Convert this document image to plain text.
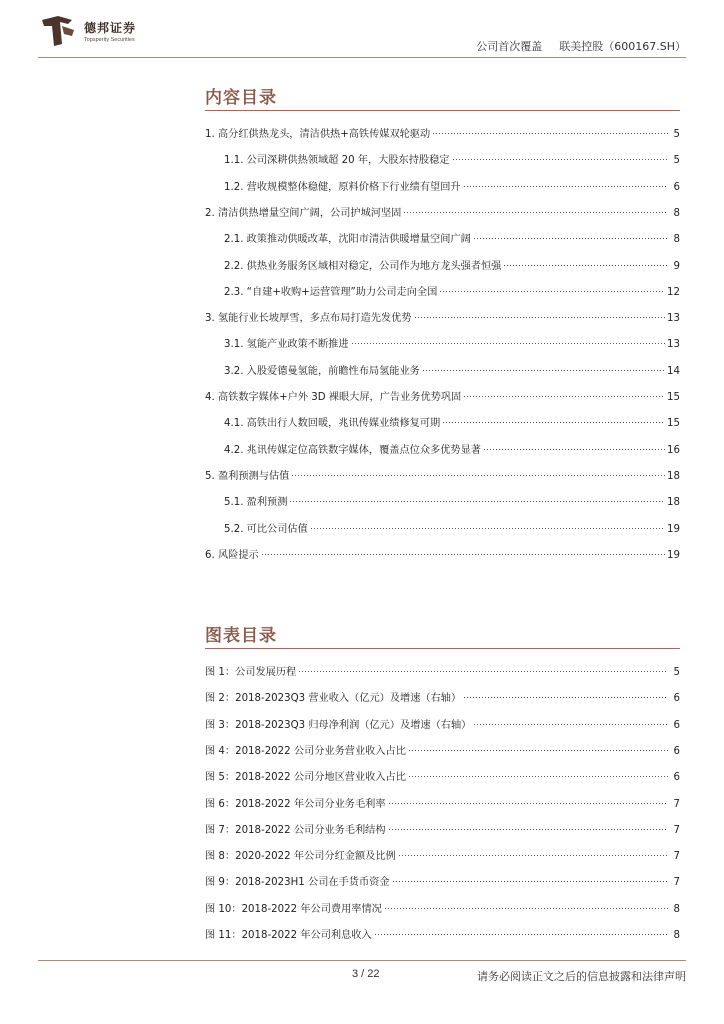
德邦证券
Topsperity Securities	公司首次覆盖 联美控股（600167.SH）
内容目录
1. 高分红供热龙头，清洁供热+高铁传媒双轮驱动	5
1.1. 公司深耕供热领域超 20 年，大股东持股稳定	5
1.2. 营收规模整体稳健，原料价格下行业绩有望回升	6
2. 清洁供热增量空间广阔，公司护城河坚固	8
2.1. 政策推动供暖改革，沈阳市清洁供暖增量空间广阔	8
2.2. 供热业务服务区域相对稳定，公司作为地方龙头强者恒强	9
2.3. “自建+收购+运营管理”助力公司走向全国	12
3. 氢能行业长坡厚雪，多点布局打造先发优势	13
3.1. 氢能产业政策不断推进	13
3.2. 入股爱德曼氢能，前瞻性布局氢能业务	14
4. 高铁数字媒体+户外 3D 裸眼大屏，广告业务优势巩固	15
4.1. 高铁出行人数回暖，兆讯传媒业绩修复可期	15
4.2. 兆讯传媒定位高铁数字媒体，覆盖点位众多优势显著	16
5. 盈利预测与估值	18
5.1. 盈利预测	18
5.2. 可比公司估值	19
6. 风险提示	19
图表目录
图 1：公司发展历程	5
图 2：2018-2023Q3 营业收入（亿元）及增速（右轴）	6
图 3：2018-2023Q3 归母净利润（亿元）及增速（右轴）	6
图 4：2018-2022 公司分业务营业收入占比	6
图 5：2018-2022 公司分地区营业收入占比	6
图 6：2018-2022 年公司分业务毛利率	7
图 7：2018-2022 公司分业务毛利结构	7
图 8：2020-2022 年公司分红金额及比例	7
图 9：2018-2023H1 公司在手货币资金	7
图 10：2018-2022 年公司费用率情况	8
图 11：2018-2022 年公司利息收入	8
3 / 22	请务必阅读正文之后的信息披露和法律声明
